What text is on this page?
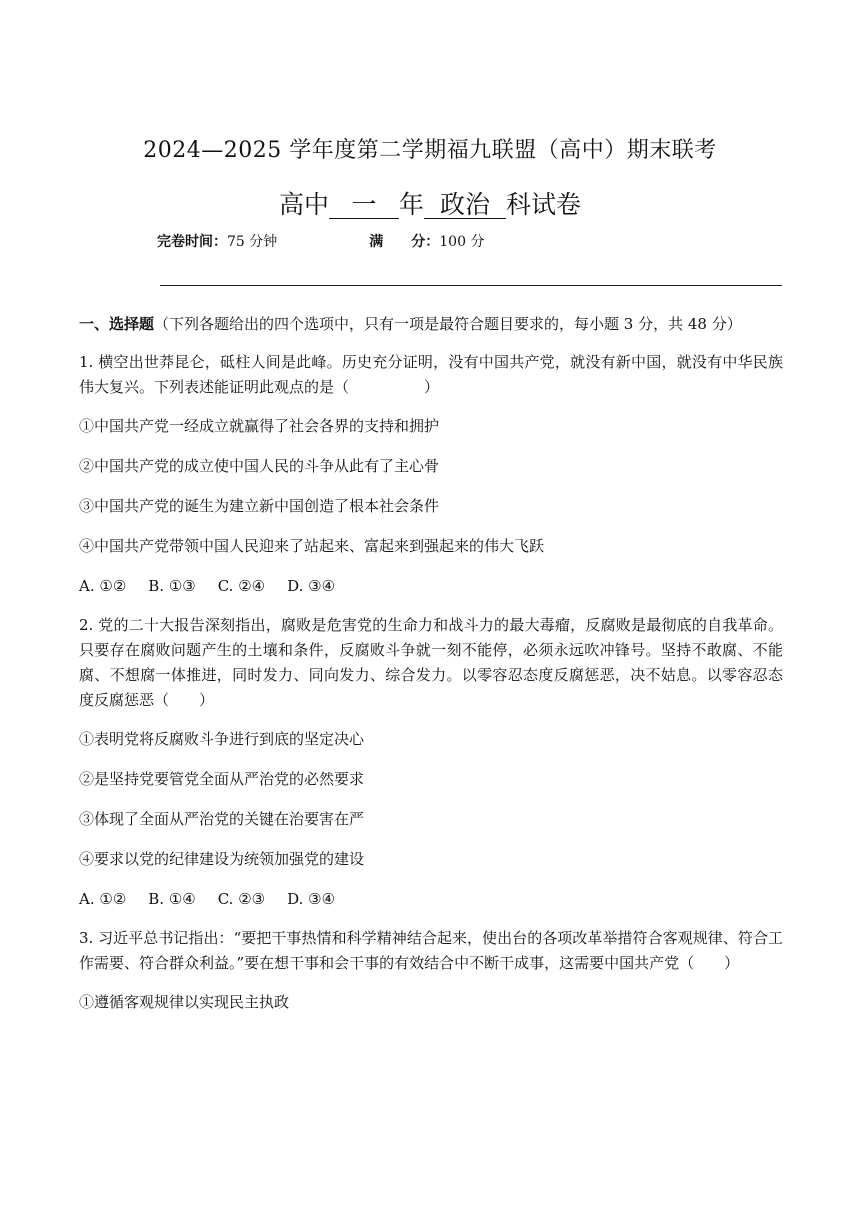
2024—2025 学年度第二学期福九联盟（高中）期末联考
高中 一 年 政治 科试卷
完卷时间：75 分钟	满　　分：100 分

一、选择题（下列各题给出的四个选项中，只有一项是最符合题目要求的，每小题 3 分，共 48 分）

1. 横空出世莽昆仑，砥柱人间是此峰。历史充分证明，没有中国共产党，就没有新中国，就没有中华民族伟大复兴。下列表述能证明此观点的是（　　　　　）

①中国共产党一经成立就赢得了社会各界的支持和拥护

②中国共产党的成立使中国人民的斗争从此有了主心骨

③中国共产党的诞生为建立新中国创造了根本社会条件

④中国共产党带领中国人民迎来了站起来、富起来到强起来的伟大飞跃

A. ①② B. ①③ C. ②④ D. ③④

2. 党的二十大报告深刻指出，腐败是危害党的生命力和战斗力的最大毒瘤，反腐败是最彻底的自我革命。只要存在腐败问题产生的土壤和条件，反腐败斗争就一刻不能停，必须永远吹冲锋号。坚持不敢腐、不能腐、不想腐一体推进，同时发力、同向发力、综合发力。以零容忍态度反腐惩恶，决不姑息。以零容忍态度反腐惩恶（　　）

①表明党将反腐败斗争进行到底的坚定决心

②是坚持党要管党全面从严治党的必然要求

③体现了全面从严治党的关键在治要害在严

④要求以党的纪律建设为统领加强党的建设

A. ①② B. ①④ C. ②③ D. ③④

3. 习近平总书记指出：“要把干事热情和科学精神结合起来，使出台的各项改革举措符合客观规律、符合工作需要、符合群众利益。”要在想干事和会干事的有效结合中不断干成事，这需要中国共产党（　　）

①遵循客观规律以实现民主执政
